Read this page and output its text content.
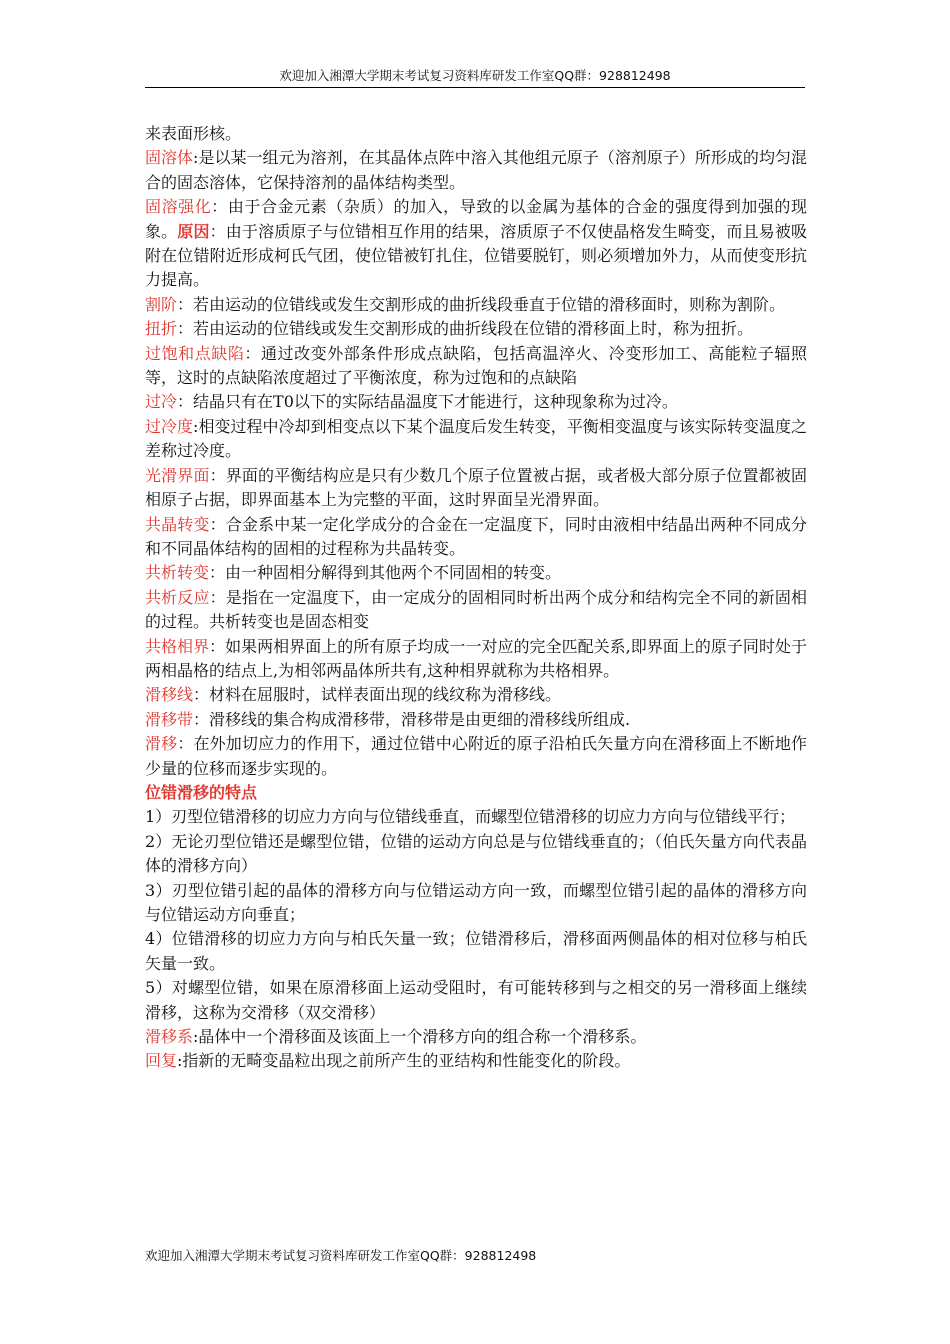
欢迎加入湘潭大学期末考试复习资料库研发工作室QQ群：928812498

来表面形核。

固溶体:是以某一组元为溶剂，在其晶体点阵中溶入其他组元原子（溶剂原子）所形成的均匀混合的固态溶体，它保持溶剂的晶体结构类型。

固溶强化：由于合金元素（杂质）的加入，导致的以金属为基体的合金的强度得到加强的现象。原因：由于溶质原子与位错相互作用的结果，溶质原子不仅使晶格发生畸变，而且易被吸附在位错附近形成柯氏气团，使位错被钉扎住，位错要脱钉，则必须增加外力，从而使变形抗力提高。

割阶：若由运动的位错线或发生交割形成的曲折线段垂直于位错的滑移面时，则称为割阶。

扭折：若由运动的位错线或发生交割形成的曲折线段在位错的滑移面上时，称为扭折。

过饱和点缺陷：通过改变外部条件形成点缺陷，包括高温淬火、冷变形加工、高能粒子辐照等，这时的点缺陷浓度超过了平衡浓度，称为过饱和的点缺陷

过冷：结晶只有在T0以下的实际结晶温度下才能进行，这种现象称为过冷。

过冷度:相变过程中冷却到相变点以下某个温度后发生转变，平衡相变温度与该实际转变温度之差称过冷度。

光滑界面：界面的平衡结构应是只有少数几个原子位置被占据，或者极大部分原子位置都被固相原子占据，即界面基本上为完整的平面，这时界面呈光滑界面。

共晶转变：合金系中某一定化学成分的合金在一定温度下，同时由液相中结晶出两种不同成分和不同晶体结构的固相的过程称为共晶转变。

共析转变：由一种固相分解得到其他两个不同固相的转变。

共析反应：是指在一定温度下，由一定成分的固相同时析出两个成分和结构完全不同的新固相的过程。共析转变也是固态相变

共格相界：如果两相界面上的所有原子均成一一对应的完全匹配关系,即界面上的原子同时处于两相晶格的结点上,为相邻两晶体所共有,这种相界就称为共格相界。

滑移线：材料在屈服时，试样表面出现的线纹称为滑移线。

滑移带：滑移线的集合构成滑移带，滑移带是由更细的滑移线所组成.

滑移：在外加切应力的作用下，通过位错中心附近的原子沿柏氏矢量方向在滑移面上不断地作少量的位移而逐步实现的。

位错滑移的特点

1）刃型位错滑移的切应力方向与位错线垂直，而螺型位错滑移的切应力方向与位错线平行；

2）无论刃型位错还是螺型位错，位错的运动方向总是与位错线垂直的；（伯氏矢量方向代表晶体的滑移方向）

3）刃型位错引起的晶体的滑移方向与位错运动方向一致，而螺型位错引起的晶体的滑移方向与位错运动方向垂直；

4）位错滑移的切应力方向与柏氏矢量一致；位错滑移后，滑移面两侧晶体的相对位移与柏氏矢量一致。

5）对螺型位错，如果在原滑移面上运动受阻时，有可能转移到与之相交的另一滑移面上继续滑移，这称为交滑移（双交滑移）

滑移系:晶体中一个滑移面及该面上一个滑移方向的组合称一个滑移系。

回复:指新的无畸变晶粒出现之前所产生的亚结构和性能变化的阶段。

欢迎加入湘潭大学期末考试复习资料库研发工作室QQ群：928812498
